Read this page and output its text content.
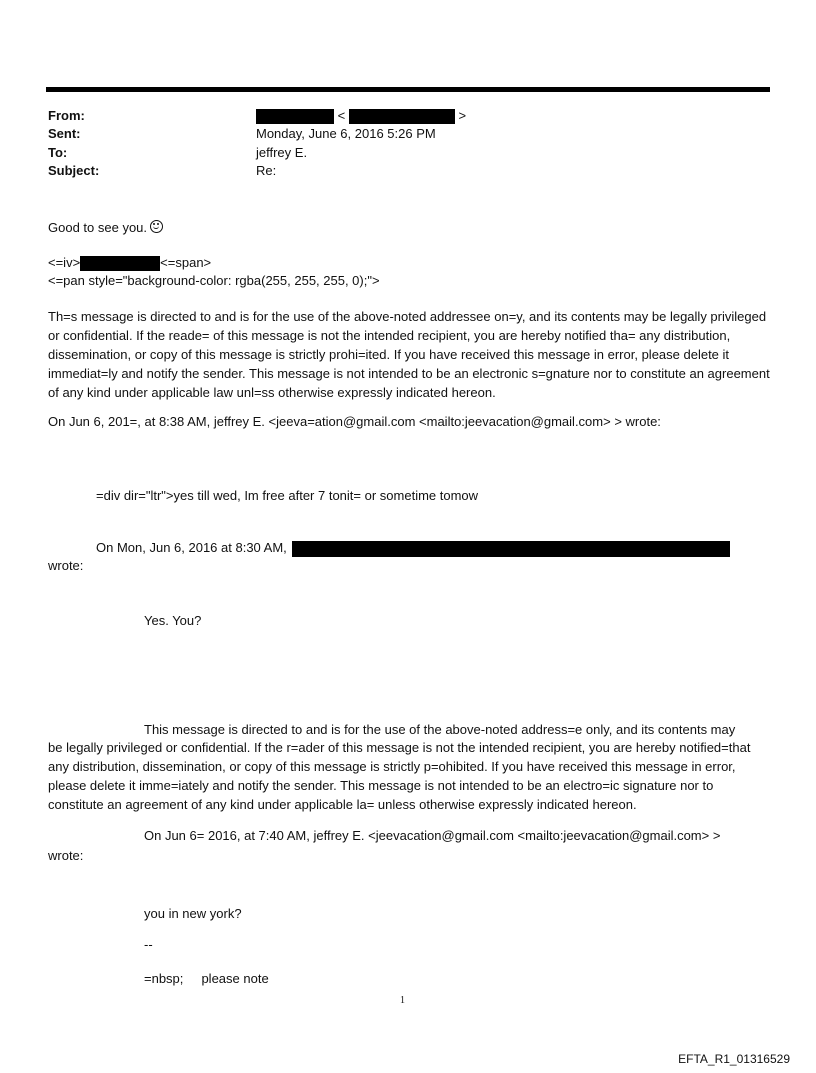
From:
Sent:
To:
Subject:
<	>
Monday, June 6, 2016 5:26 PM
jeffrey E.
Re:
Good to see you.
<=iv>	<=span>
<=pan style="background-color: rgba(255, 255, 255, 0);">
Th=s message is directed to and is for the use of the above-noted addressee on=y, and its contents may be legally privileged or confidential. If the reade= of this message is not the intended recipient, you are hereby notified tha= any distribution, dissemination, or copy of this message is strictly prohi=ited. If you have received this message in error, please delete it immediat=ly and notify the sender. This message is not intended to be an electronic s=gnature nor to constitute an agreement of any kind under applicable law unl=ss otherwise expressly indicated hereon.
On Jun 6, 201=, at 8:38 AM, jeffrey E. <jeeva=ation@gmail.com <mailto:jeevacation@gmail.com> > wrote:
=div dir="ltr">yes till wed, Im free after 7 tonit= or sometime tomow
On Mon, Jun 6, 2016 at 8:30 AM,
wrote:
Yes. You?
This message is directed to and is for the use of the above-noted address=e only, and its contents may
be legally privileged or confidential. If the r=ader of this message is not the intended recipient, you are hereby notified=that any distribution, dissemination, or copy of this message is strictly p=ohibited. If you have received this message in error, please delete it imme=iately and notify the sender. This message is not intended to be an electro=ic signature nor to constitute an agreement of any kind under applicable la= unless otherwise expressly indicated hereon.
On Jun 6= 2016, at 7:40 AM, jeffrey E. <jeevacation@gmail.com <mailto:jeevacation@gmail.com> >
wrote:
you in new york?
--
=nbsp;     please note
1
EFTA_R1_01316529
